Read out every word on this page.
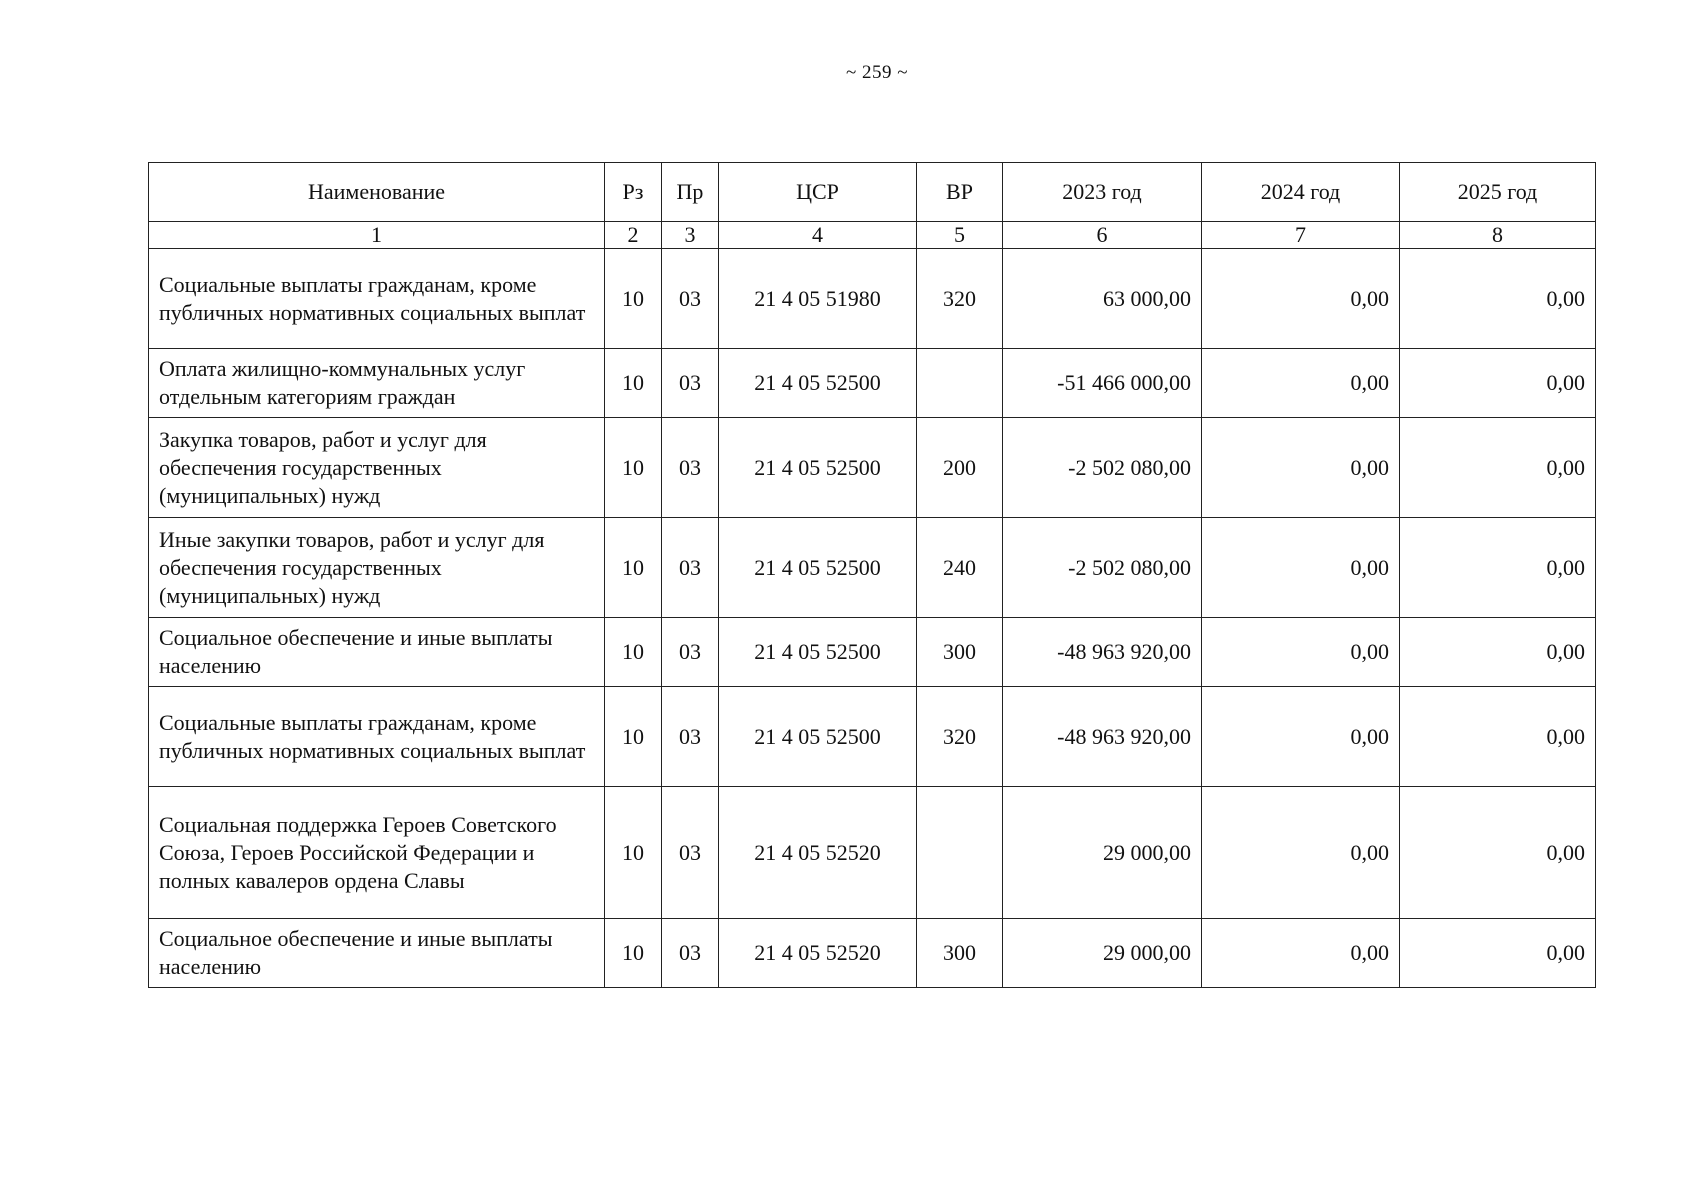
~ 259 ~
Наименование	Рз	Пр	ЦСР	ВР	2023 год	2024 год	2025 год
1	2	3	4	5	6	7	8
Социальные выплаты гражданам, кроме публичных нормативных социальных выплат	10	03	21 4 05 51980	320	63 000,00	0,00	0,00
Оплата жилищно-коммунальных услуг отдельным категориям граждан	10	03	21 4 05 52500		-51 466 000,00	0,00	0,00
Закупка товаров, работ и услуг для обеспечения государственных (муниципальных) нужд	10	03	21 4 05 52500	200	-2 502 080,00	0,00	0,00
Иные закупки товаров, работ и услуг для обеспечения государственных (муниципальных) нужд	10	03	21 4 05 52500	240	-2 502 080,00	0,00	0,00
Социальное обеспечение и иные выплаты населению	10	03	21 4 05 52500	300	-48 963 920,00	0,00	0,00
Социальные выплаты гражданам, кроме публичных нормативных социальных выплат	10	03	21 4 05 52500	320	-48 963 920,00	0,00	0,00
Социальная поддержка Героев Советского Союза, Героев Российской Федерации и полных кавалеров ордена Славы	10	03	21 4 05 52520		29 000,00	0,00	0,00
Социальное обеспечение и иные выплаты населению	10	03	21 4 05 52520	300	29 000,00	0,00	0,00
